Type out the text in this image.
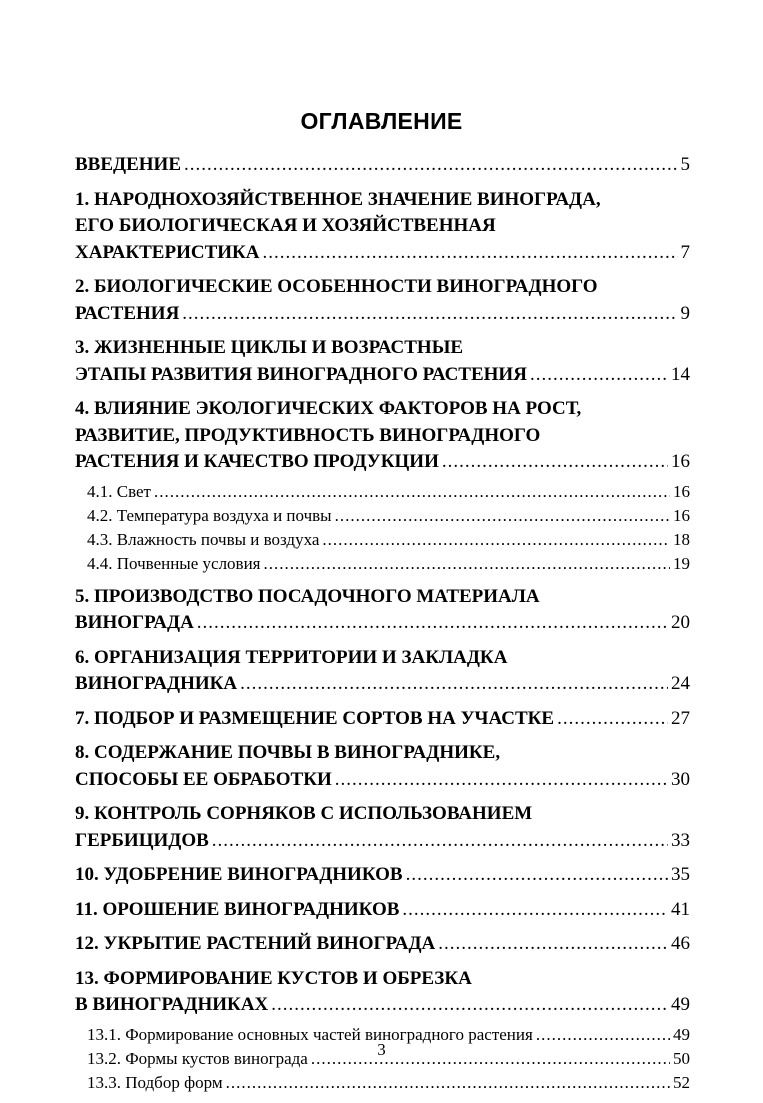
ОГЛАВЛЕНИЕ
ВВЕДЕНИЕ .....	5
1. НАРОДНОХОЗЯЙСТВЕННОЕ ЗНАЧЕНИЕ ВИНОГРАДА,
ЕГО БИОЛОГИЧЕСКАЯ И ХОЗЯЙСТВЕННАЯ
ХАРАКТЕРИСТИКА .....	7
2. БИОЛОГИЧЕСКИЕ ОСОБЕННОСТИ ВИНОГРАДНОГО
РАСТЕНИЯ .....	9
3. ЖИЗНЕННЫЕ ЦИКЛЫ И ВОЗРАСТНЫЕ
ЭТАПЫ РАЗВИТИЯ ВИНОГРАДНОГО РАСТЕНИЯ .....	14
4. ВЛИЯНИЕ ЭКОЛОГИЧЕСКИХ ФАКТОРОВ НА РОСТ,
РАЗВИТИЕ, ПРОДУКТИВНОСТЬ ВИНОГРАДНОГО
РАСТЕНИЯ И КАЧЕСТВО ПРОДУКЦИИ .....	16
4.1. Свет .....	16
4.2. Температура воздуха и почвы .....	16
4.3. Влажность почвы и воздуха .....	18
4.4. Почвенные условия .....	19
5. ПРОИЗВОДСТВО ПОСАДОЧНОГО МАТЕРИАЛА
ВИНОГРАДА .....	20
6. ОРГАНИЗАЦИЯ ТЕРРИТОРИИ И ЗАКЛАДКА
ВИНОГРАДНИКА .....	24
7. ПОДБОР И РАЗМЕЩЕНИЕ СОРТОВ НА УЧАСТКЕ .....	27
8. СОДЕРЖАНИЕ ПОЧВЫ В ВИНОГРАДНИКЕ,
СПОСОБЫ ЕЕ ОБРАБОТКИ .....	30
9. КОНТРОЛЬ СОРНЯКОВ С ИСПОЛЬЗОВАНИЕМ
ГЕРБИЦИДОВ .....	33
10. УДОБРЕНИЕ ВИНОГРАДНИКОВ .....	35
11. ОРОШЕНИЕ ВИНОГРАДНИКОВ .....	41
12. УКРЫТИЕ РАСТЕНИЙ ВИНОГРАДА .....	46
13. ФОРМИРОВАНИЕ КУСТОВ И ОБРЕЗКА
В ВИНОГРАДНИКАХ .....	49
13.1. Формирование основных частей виноградного растения .....	49
13.2. Формы кустов винограда .....	50
13.3. Подбор форм .....	52
3
